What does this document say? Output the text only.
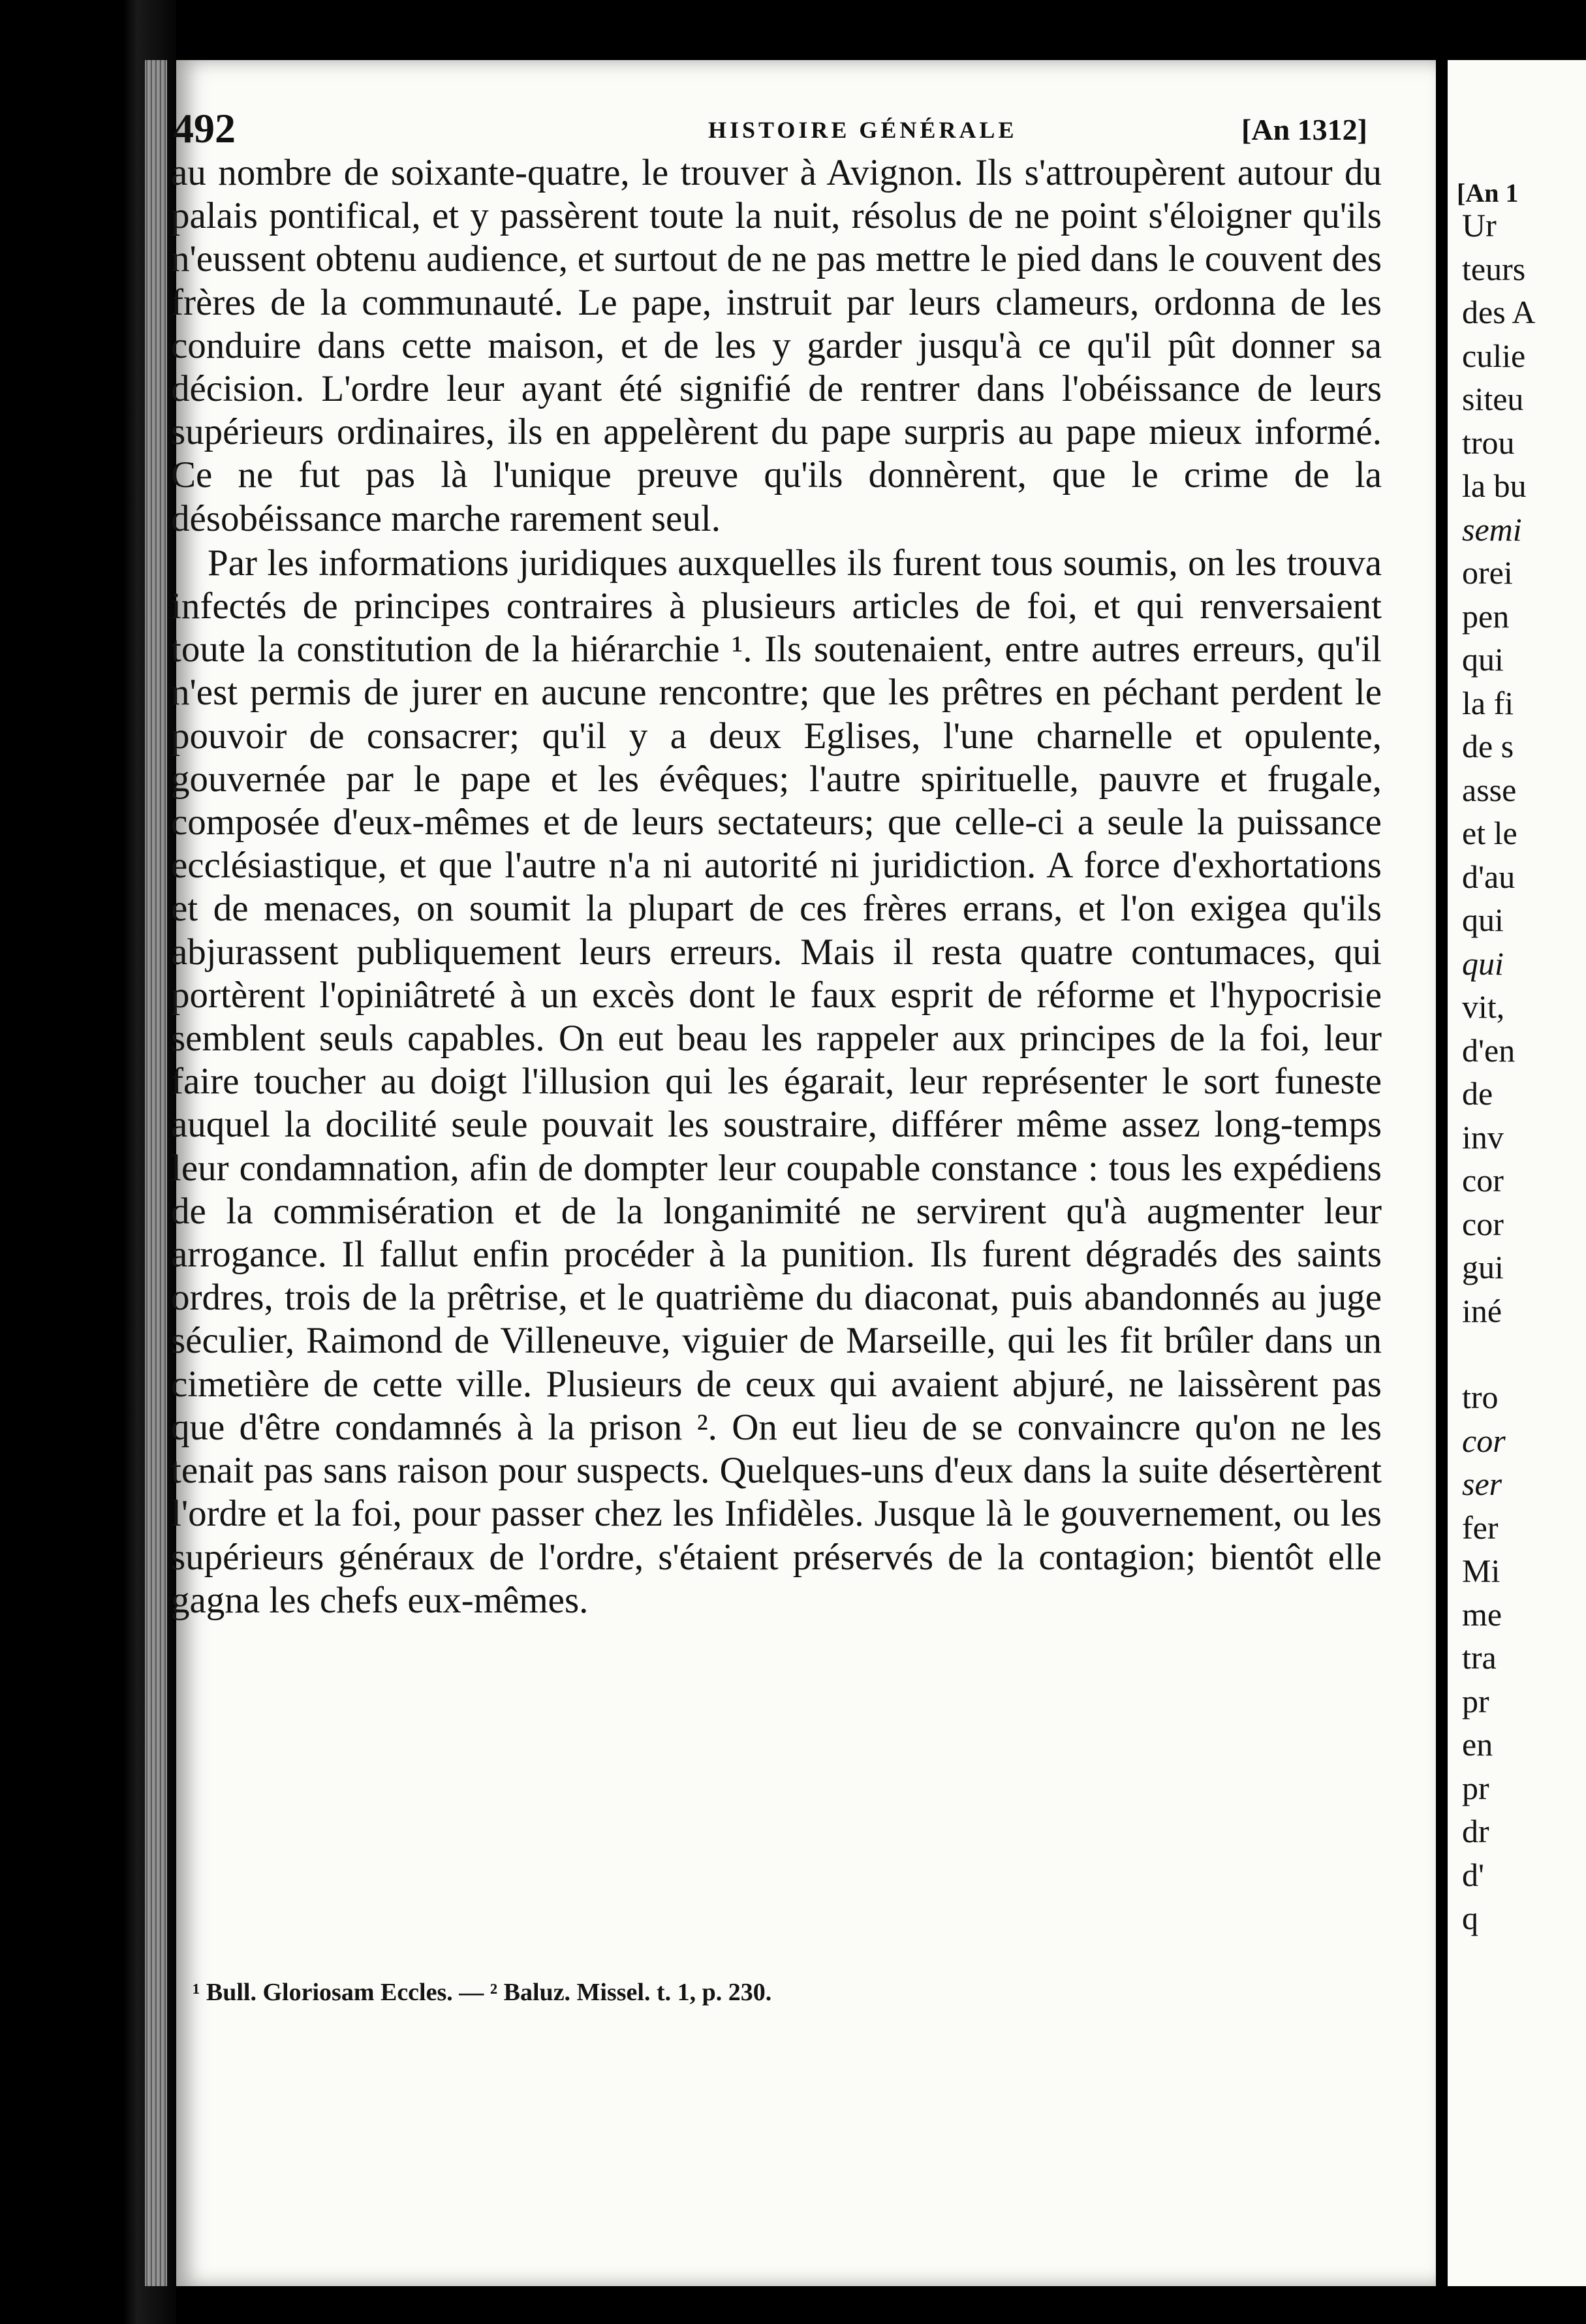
492	HISTOIRE GÉNÉRALE	[An 1312]

au nombre de soixante-quatre, le trouver à Avignon. Ils s'attroupèrent autour du palais pontifical, et y passèrent toute la nuit, résolus de ne point s'éloigner qu'ils n'eussent obtenu audience, et surtout de ne pas mettre le pied dans le couvent des frères de la communauté. Le pape, instruit par leurs clameurs, ordonna de les conduire dans cette maison, et de les y garder jusqu'à ce qu'il pût donner sa décision. L'ordre leur ayant été signifié de rentrer dans l'obéissance de leurs supérieurs ordinaires, ils en appelèrent du pape surpris au pape mieux informé. Ce ne fut pas là l'unique preuve qu'ils donnèrent, que le crime de la désobéissance marche rarement seul.

Par les informations juridiques auxquelles ils furent tous soumis, on les trouva infectés de principes contraires à plusieurs articles de foi, et qui renversaient toute la constitution de la hiérarchie ¹. Ils soutenaient, entre autres erreurs, qu'il n'est permis de jurer en aucune rencontre; que les prêtres en péchant perdent le pouvoir de consacrer; qu'il y a deux Eglises, l'une charnelle et opulente, gouvernée par le pape et les évêques; l'autre spirituelle, pauvre et frugale, composée d'eux-mêmes et de leurs sectateurs; que celle-ci a seule la puissance ecclésiastique, et que l'autre n'a ni autorité ni juridiction. A force d'exhortations et de menaces, on soumit la plupart de ces frères errans, et l'on exigea qu'ils abjurassent publiquement leurs erreurs. Mais il resta quatre contumaces, qui portèrent l'opiniâtreté à un excès dont le faux esprit de réforme et l'hypocrisie semblent seuls capables. On eut beau les rappeler aux principes de la foi, leur faire toucher au doigt l'illusion qui les égarait, leur représenter le sort funeste auquel la docilité seule pouvait les soustraire, différer même assez long-temps leur condamnation, afin de dompter leur coupable constance : tous les expédiens de la commisération et de la longanimité ne servirent qu'à augmenter leur arrogance. Il fallut enfin procéder à la punition. Ils furent dégradés des saints ordres, trois de la prêtrise, et le quatrième du diaconat, puis abandonnés au juge séculier, Raimond de Villeneuve, viguier de Marseille, qui les fit brûler dans un cimetière de cette ville. Plusieurs de ceux qui avaient abjuré, ne laissèrent pas que d'être condamnés à la prison ². On eut lieu de se convaincre qu'on ne les tenait pas sans raison pour suspects. Quelques-uns d'eux dans la suite désertèrent l'ordre et la foi, pour passer chez les Infidèles. Jusque là le gouvernement, ou les supérieurs généraux de l'ordre, s'étaient préservés de la contagion; bientôt elle gagna les chefs eux-mêmes.

¹ Bull. Gloriosam Eccles. — ² Baluz. Missel. t. 1, p. 230.
[An 1
Ur
teurs
des A
culie
siteu
trou
la bu
semi
orei
pen
qui
la fi
de s
asse
et le
d'au
qui
qui
vit,
d'en
de
inv
cor
cor
gui
iné
tro
cor
ser
fer
Mi
me
tra
pr
en
pr
dr
d'
q
